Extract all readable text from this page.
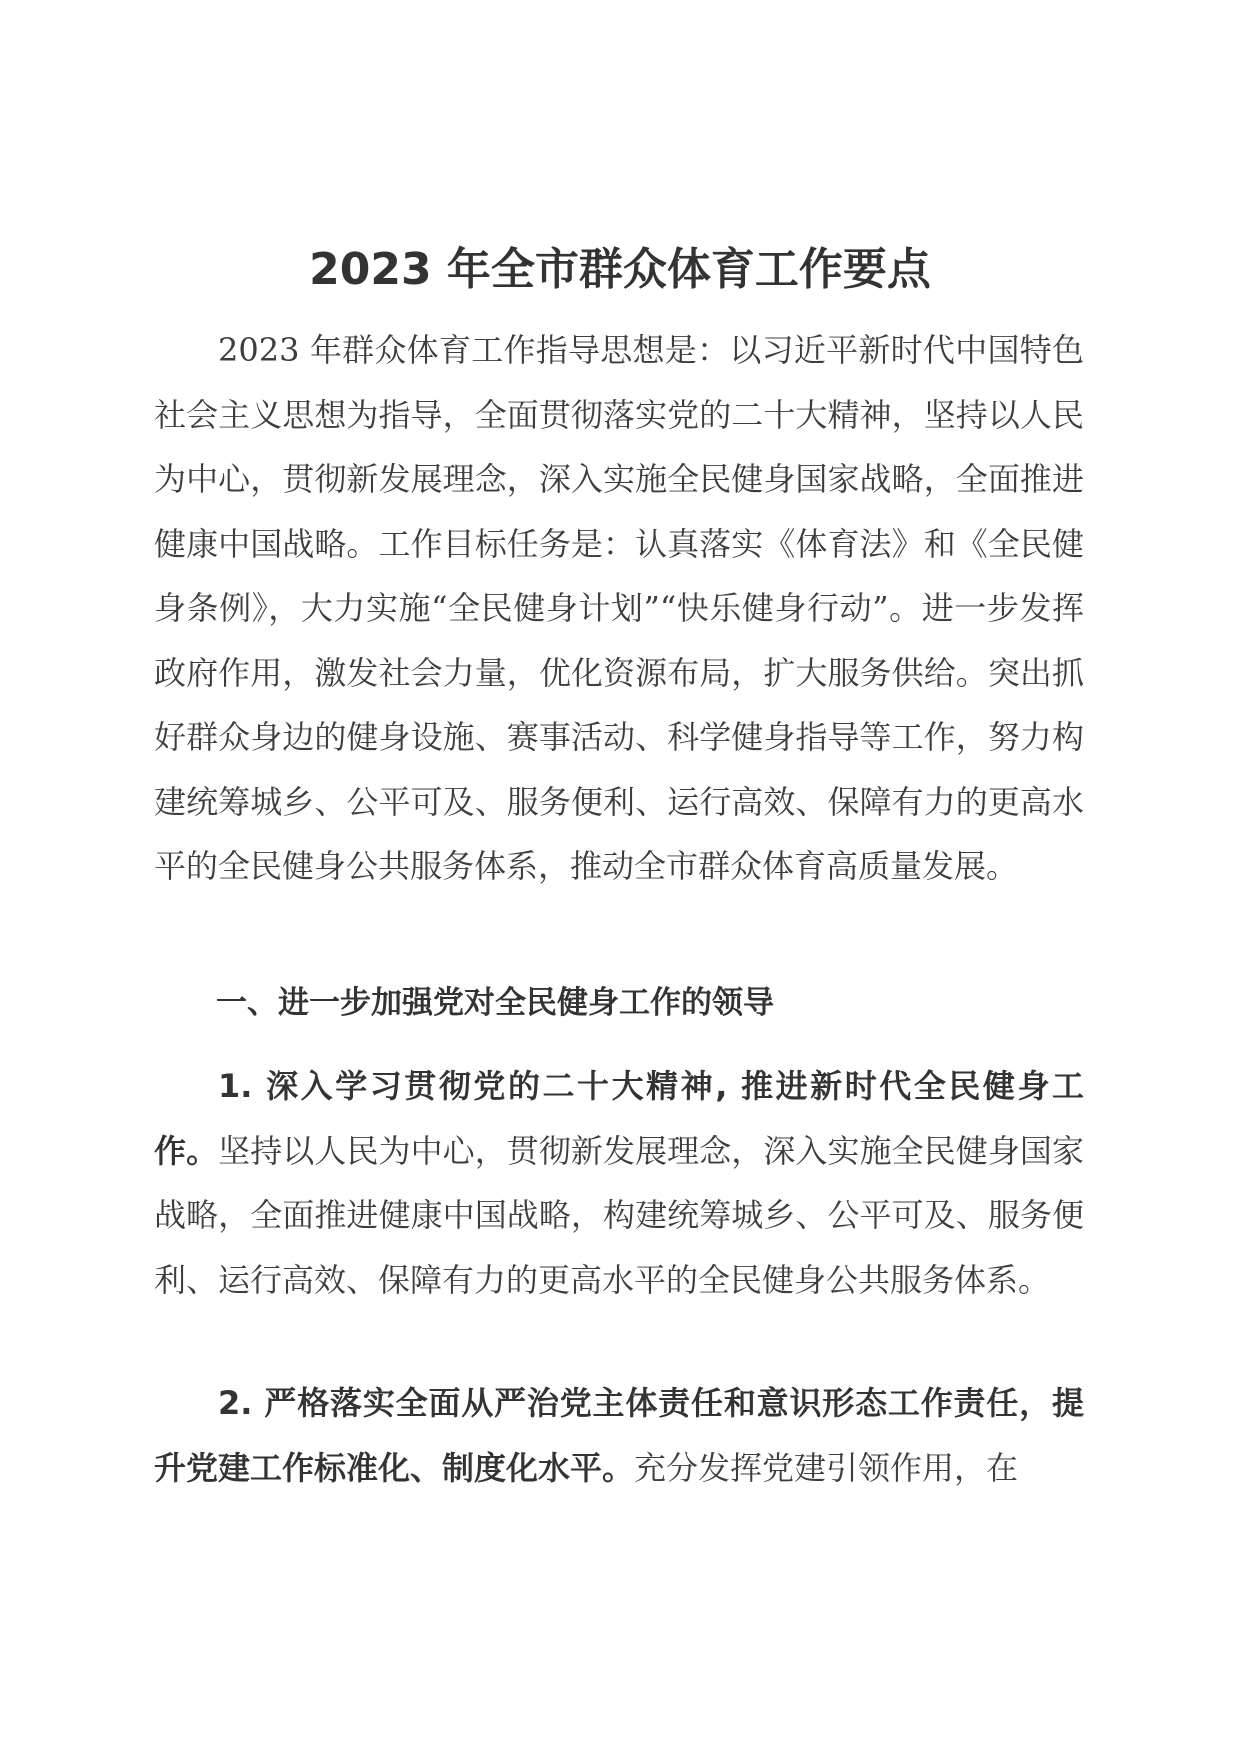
2023 年全市群众体育工作要点

2023 年群众体育工作指导思想是：以习近平新时代中国特色社会主义思想为指导，全面贯彻落实党的二十大精神，坚持以人民为中心，贯彻新发展理念，深入实施全民健身国家战略，全面推进健康中国战略。工作目标任务是：认真落实《体育法》和《全民健身条例》，大力实施“全民健身计划”“快乐健身行动”。进一步发挥政府作用，激发社会力量，优化资源布局，扩大服务供给。突出抓好群众身边的健身设施、赛事活动、科学健身指导等工作，努力构建统筹城乡、公平可及、服务便利、运行高效、保障有力的更高水平的全民健身公共服务体系，推动全市群众体育高质量发展。

一、进一步加强党对全民健身工作的领导

1. 深入学习贯彻党的二十大精神, 推进新时代全民健身工作。坚持以人民为中心，贯彻新发展理念，深入实施全民健身国家战略，全面推进健康中国战略，构建统筹城乡、公平可及、服务便利、运行高效、保障有力的更高水平的全民健身公共服务体系。

2. 严格落实全面从严治党主体责任和意识形态工作责任，提升党建工作标准化、制度化水平。充分发挥党建引领作用，在
